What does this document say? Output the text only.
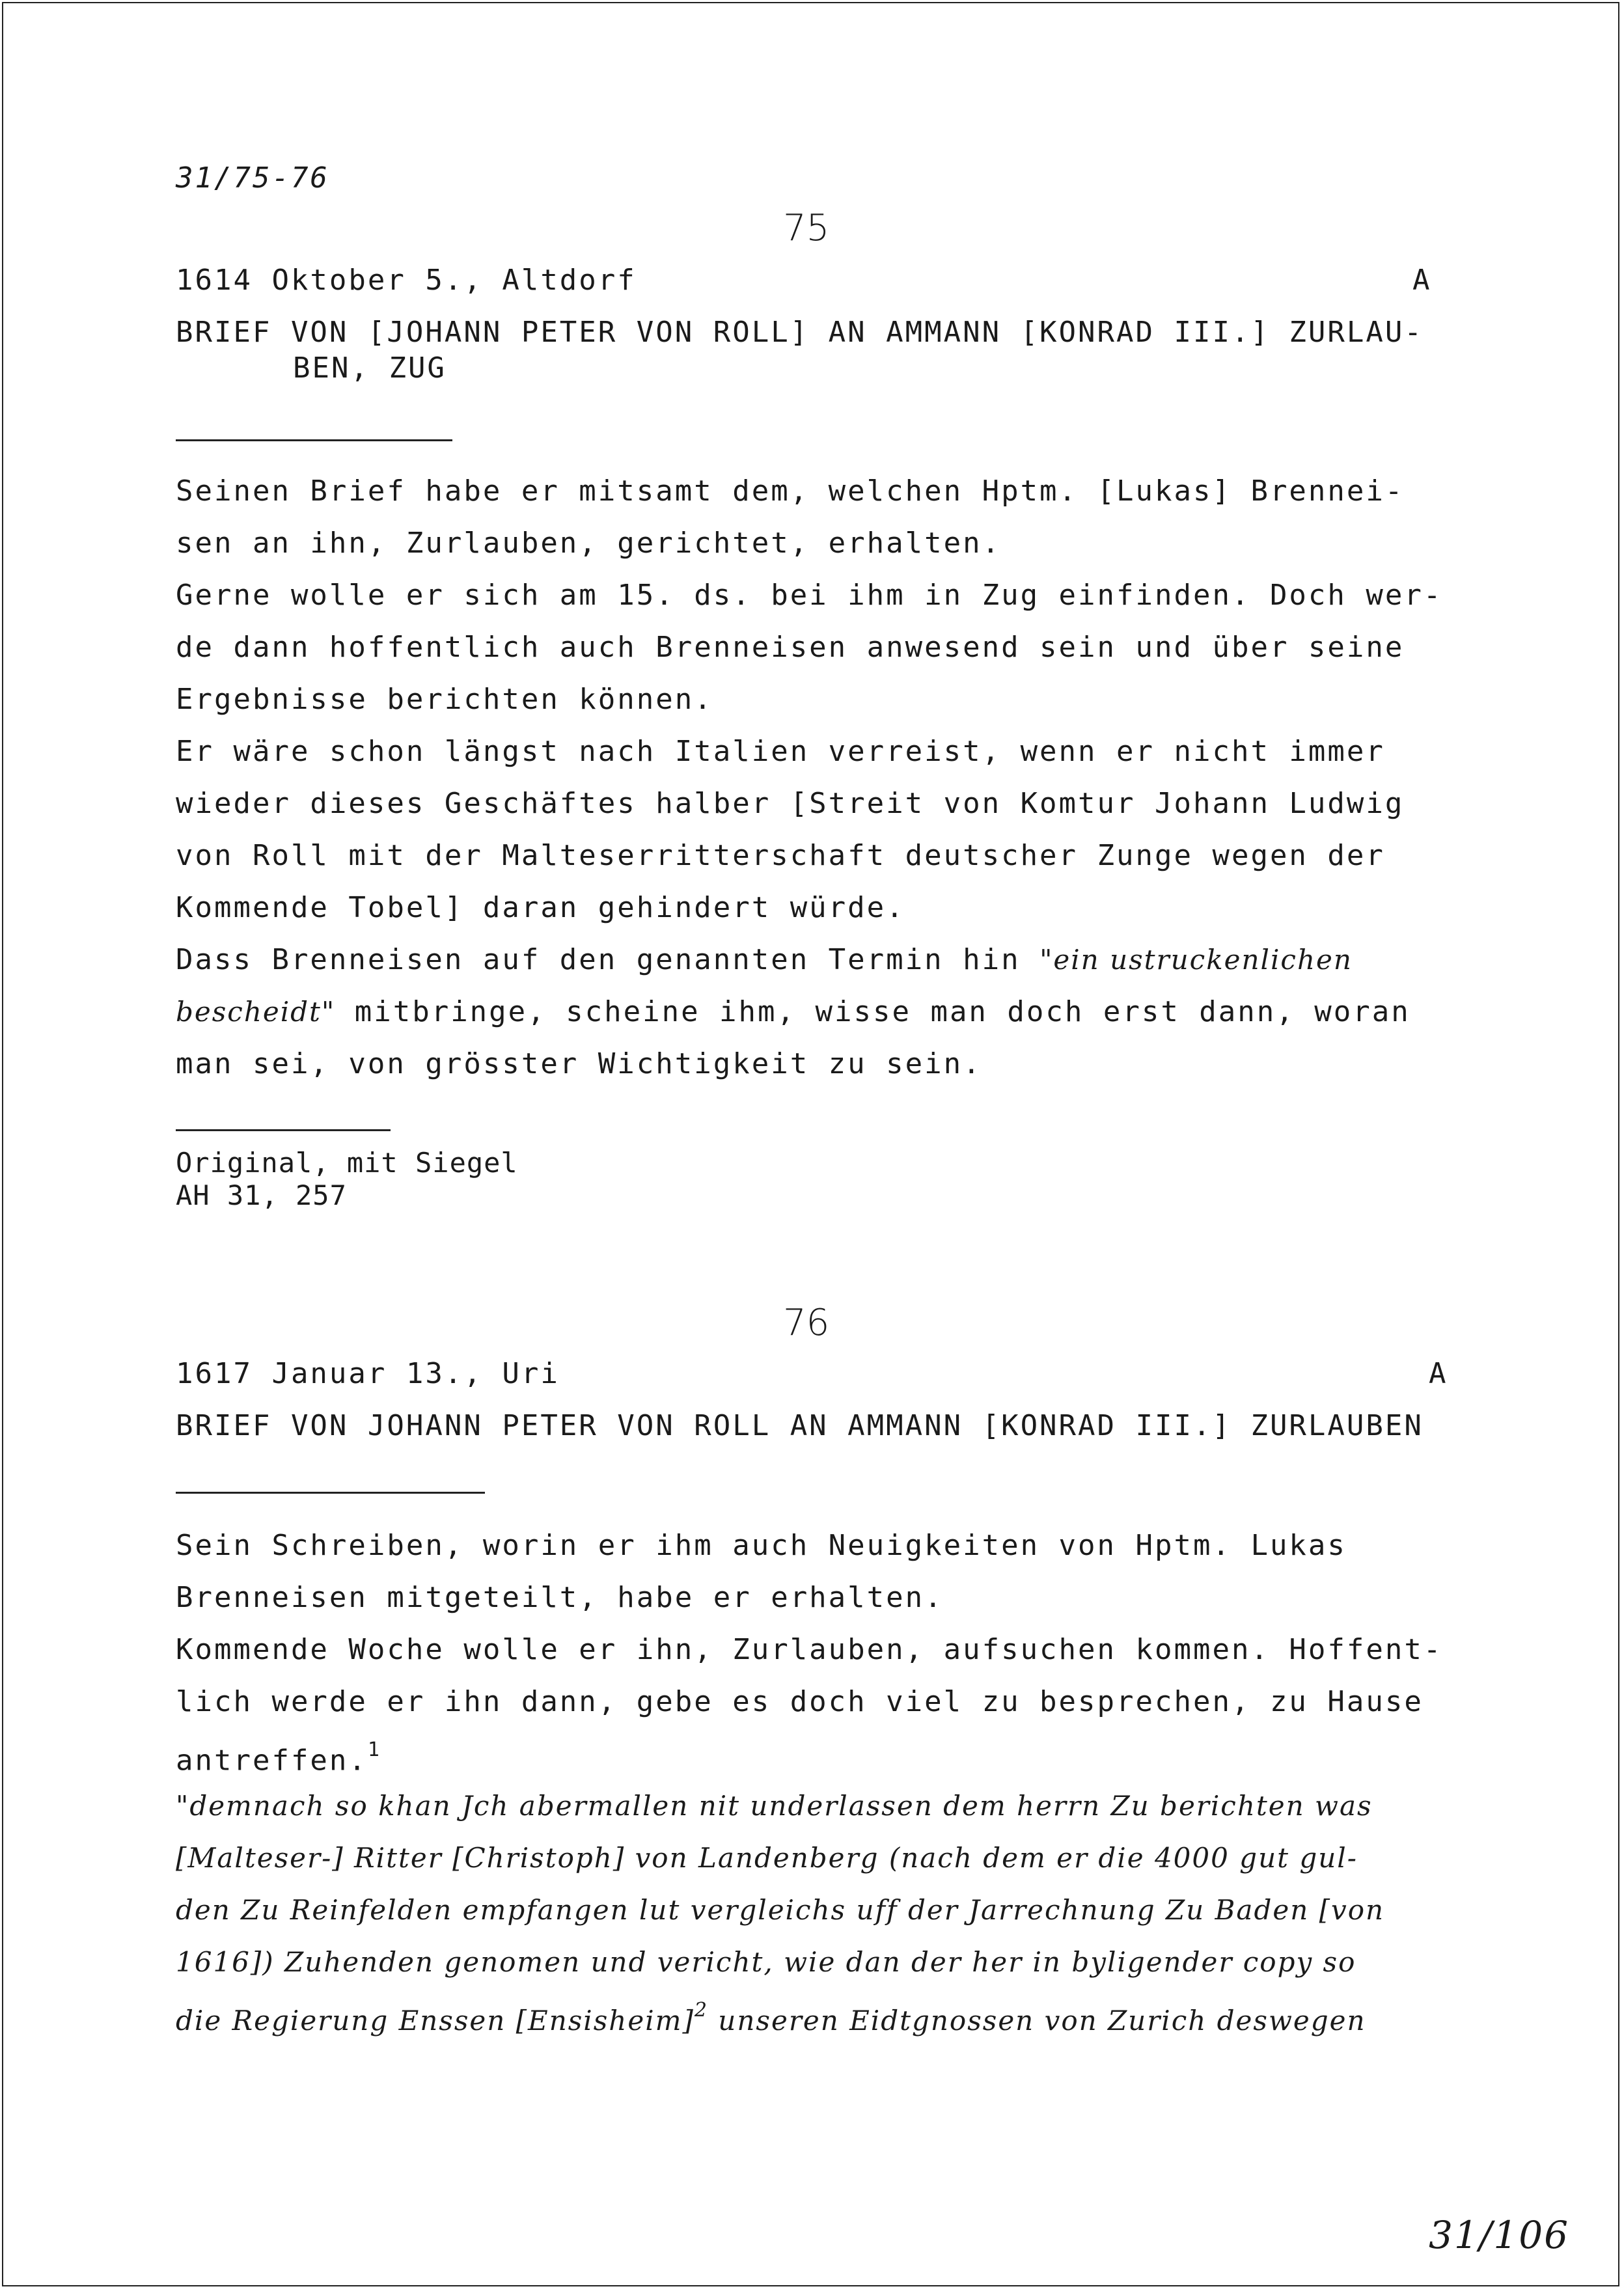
31/75-76
75
1614 Oktober 5., Altdorf	A
BRIEF VON [JOHANN PETER VON ROLL] AN AMMANN [KONRAD III.] ZURLAU-
BEN, ZUG
Seinen Brief habe er mitsamt dem, welchen Hptm. [Lukas] Brennei-
sen an ihn, Zurlauben, gerichtet, erhalten.
Gerne wolle er sich am 15. ds. bei ihm in Zug einfinden. Doch wer-
de dann hoffentlich auch Brenneisen anwesend sein und über seine
Ergebnisse berichten können.
Er wäre schon längst nach Italien verreist, wenn er nicht immer
wieder dieses Geschäftes halber [Streit von Komtur Johann Ludwig
von Roll mit der Malteserritterschaft deutscher Zunge wegen der
Kommende Tobel] daran gehindert würde.
Dass Brenneisen auf den genannten Termin hin "ein ustruckenlichen
bescheidt" mitbringe, scheine ihm, wisse man doch erst dann, woran
man sei, von grösster Wichtigkeit zu sein.
Original, mit Siegel
AH 31, 257
76
1617 Januar 13., Uri	A
BRIEF VON JOHANN PETER VON ROLL AN AMMANN [KONRAD III.] ZURLAUBEN
Sein Schreiben, worin er ihm auch Neuigkeiten von Hptm. Lukas
Brenneisen mitgeteilt, habe er erhalten.
Kommende Woche wolle er ihn, Zurlauben, aufsuchen kommen. Hoffent-
lich werde er ihn dann, gebe es doch viel zu besprechen, zu Hause
antreffen.$^1$
"demnach so khan Jch abermallen nit underlassen dem herrn Zu berichten was
[Malteser-] Ritter [Christoph] von Landenberg (nach dem er die 4000 gut gul-
den Zu Reinfelden empfangen lut vergleichs uff der Jarrechnung Zu Baden [von
1616]) Zuhenden genomen und vericht, wie dan der her in byligender copy so
die Regierung Enssen [Ensisheim]$^2$ unseren Eidtgnossen von Zurich deswegen
31/106
